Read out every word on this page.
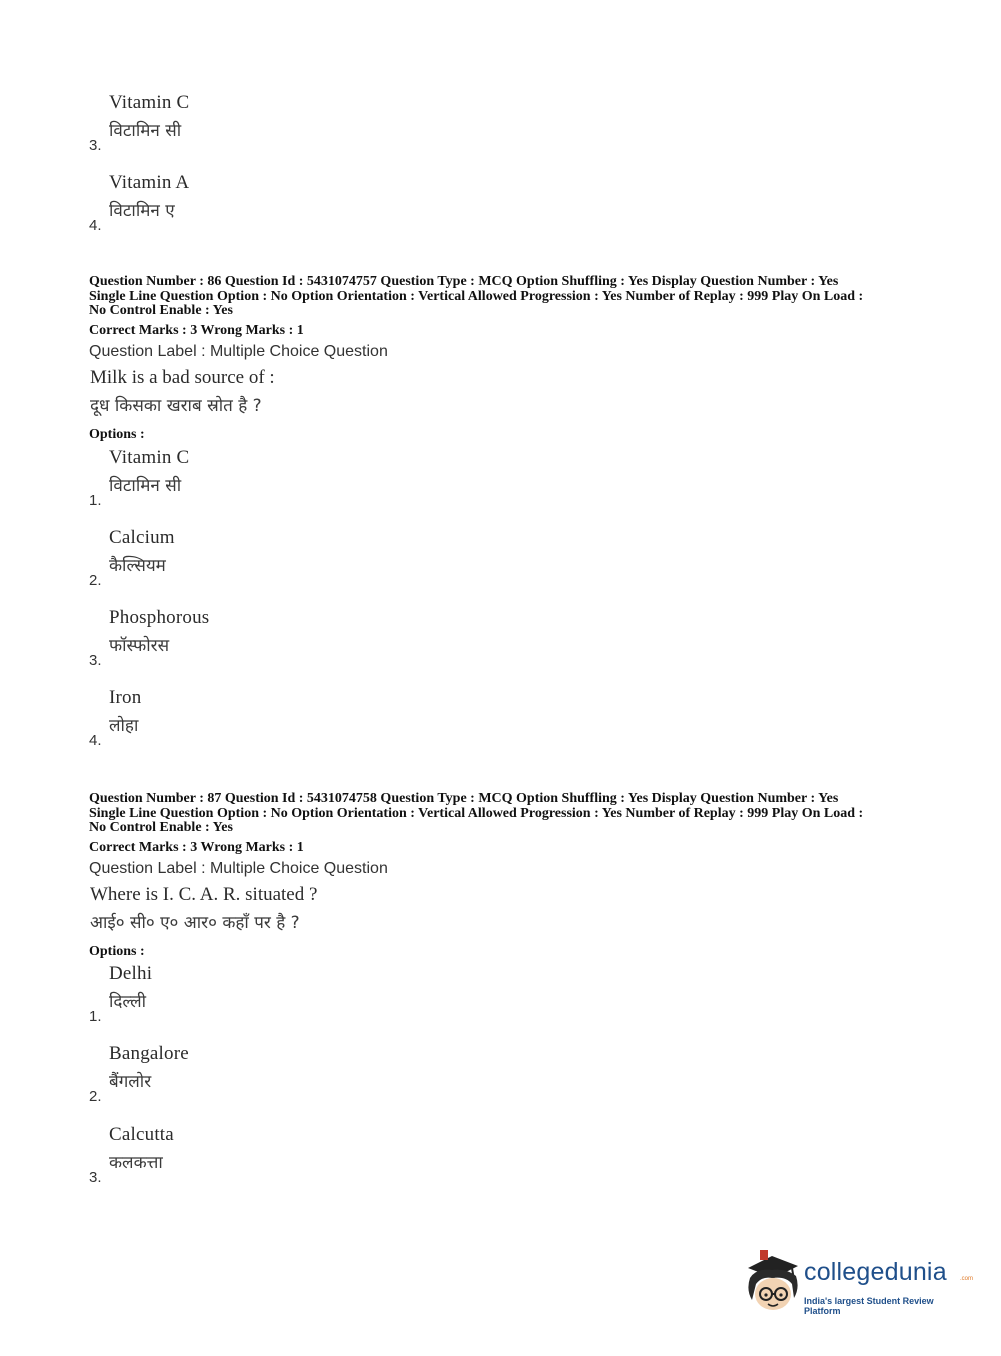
Vitamin C
विटामिन सी
3.
Vitamin A
विटामिन ए
4.
Question Number : 86 Question Id : 5431074757 Question Type : MCQ Option Shuffling : Yes Display Question Number : Yes
Single Line Question Option : No Option Orientation : Vertical Allowed Progression : Yes Number of Replay : 999 Play On Load :
No Control Enable : Yes
Correct Marks : 3 Wrong Marks : 1
Question Label : Multiple Choice Question
Milk is a bad source of :
दूध किसका खराब स्रोत है ?
Options :
Vitamin C
विटामिन सी
1.
Calcium
कैल्सियम
2.
Phosphorous
फॉस्फोरस
3.
Iron
लोहा
4.
Question Number : 87 Question Id : 5431074758 Question Type : MCQ Option Shuffling : Yes Display Question Number : Yes
Single Line Question Option : No Option Orientation : Vertical Allowed Progression : Yes Number of Replay : 999 Play On Load :
No Control Enable : Yes
Correct Marks : 3 Wrong Marks : 1
Question Label : Multiple Choice Question
Where is I. C. A. R. situated ?
आई० सी० ए० आर० कहाँ पर है ?
Options :
Delhi
दिल्ली
1.
Bangalore
बैंगलोर
2.
Calcutta
कलकत्ता
3.
collegedunia .com
India's largest Student Review Platform
